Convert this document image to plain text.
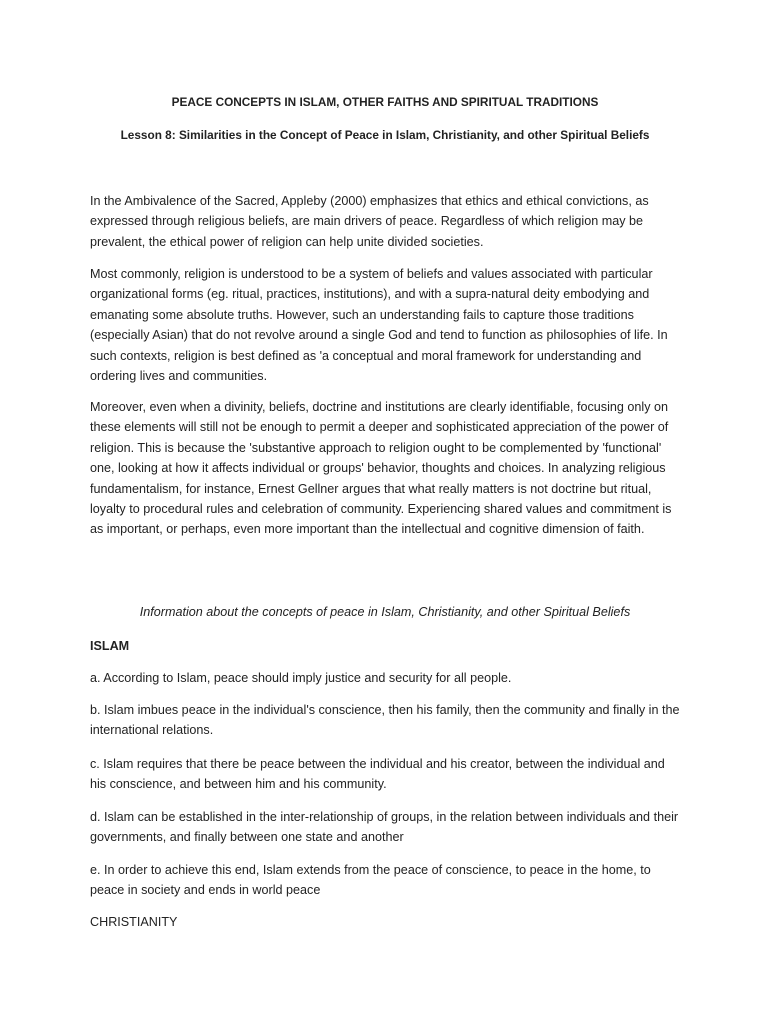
PEACE CONCEPTS IN ISLAM, OTHER FAITHS AND SPIRITUAL TRADITIONS
Lesson 8: Similarities in the Concept of Peace in Islam, Christianity, and other Spiritual Beliefs

In the Ambivalence of the Sacred, Appleby (2000) emphasizes that ethics and ethical convictions, as expressed through religious beliefs, are main drivers of peace. Regardless of which religion may be prevalent, the ethical power of religion can help unite divided societies.

Most commonly, religion is understood to be a system of beliefs and values associated with particular organizational forms (eg. ritual, practices, institutions), and with a supra-natural deity embodying and emanating some absolute truths. However, such an understanding fails to capture those traditions (especially Asian) that do not revolve around a single God and tend to function as philosophies of life. In such contexts, religion is best defined as 'a conceptual and moral framework for understanding and ordering lives and communities.

Moreover, even when a divinity, beliefs, doctrine and institutions are clearly identifiable, focusing only on these elements will still not be enough to permit a deeper and sophisticated appreciation of the power of religion. This is because the 'substantive approach to religion ought to be complemented by 'functional' one, looking at how it affects individual or groups' behavior, thoughts and choices. In analyzing religious fundamentalism, for instance, Ernest Gellner argues that what really matters is not doctrine but ritual, loyalty to procedural rules and celebration of community. Experiencing shared values and commitment is as important, or perhaps, even more important than the intellectual and cognitive dimension of faith.

Information about the concepts of peace in Islam, Christianity, and other Spiritual Beliefs
ISLAM

a. According to Islam, peace should imply justice and security for all people.

b. Islam imbues peace in the individual's conscience, then his family, then the community and finally in the international relations.

c. Islam requires that there be peace between the individual and his creator, between the individual and his conscience, and between him and his community.

d. Islam can be established in the inter-relationship of groups, in the relation between individuals and their governments, and finally between one state and another

e. In order to achieve this end, Islam extends from the peace of conscience, to peace in the home, to peace in society and ends in world peace

CHRISTIANITY
